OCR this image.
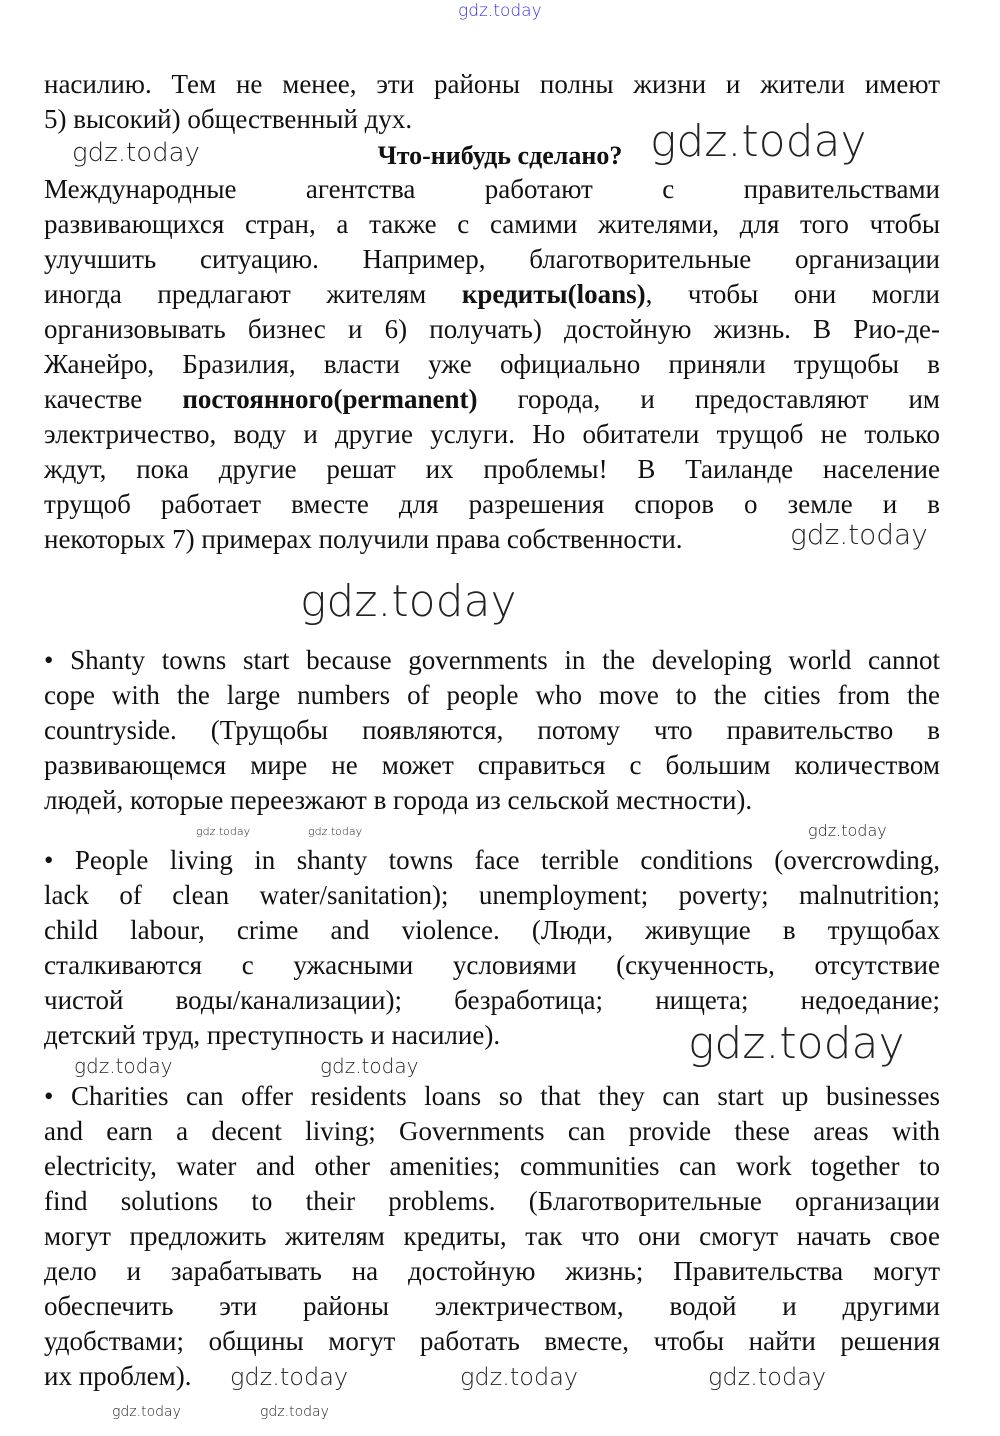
насилию. Тем не менее, эти районы полны жизни и жители имеют
5) высокий) общественный дух.
Что-нибудь сделано?
Международные агентства работают с правительствами
развивающихся стран, а также с самими жителями, для того чтобы
улучшить ситуацию. Например, благотворительные организации
иногда предлагают жителям кредиты(loans), чтобы они могли
организовывать бизнес и 6) получать) достойную жизнь. В Рио-де-
Жанейро, Бразилия, власти уже официально приняли трущобы в
качестве постоянного(permanent) города, и предоставляют им
электричество, воду и другие услуги. Но обитатели трущоб не только
ждут, пока другие решат их проблемы! В Таиланде население
трущоб работает вместе для разрешения споров о земле и в
некоторых 7) примерах получили права собственности.
• Shanty towns start because governments in the developing world cannot
cope with the large numbers of people who move to the cities from the
countryside. (Трущобы появляются, потому что правительство в
развивающемся мире не может справиться с большим количеством
людей, которые переезжают в города из сельской местности).
• People living in shanty towns face terrible conditions (overcrowding,
lack of clean water/sanitation); unemployment; poverty; malnutrition;
child labour, crime and violence. (Люди, живущие в трущобах
сталкиваются с ужасными условиями (скученность, отсутствие
чистой воды/канализации); безработица; нищета; недоедание;
детский труд, преступность и насилие).
• Charities can offer residents loans so that they can start up businesses
and earn a decent living; Governments can provide these areas with
electricity, water and other amenities; communities can work together to
find solutions to their problems. (Благотворительные организации
могут предложить жителям кредиты, так что они смогут начать свое
дело и зарабатывать на достойную жизнь; Правительства могут
обеспечить эти районы электричеством, водой и другими
удобствами; общины могут работать вместе, чтобы найти решения
их проблем).
gdz.today
gdz.today	gdz.today
gdz.today
gdz.today
gdz.today
gdz.today	gdz.today
gdz.today
gdz.today	gdz.today
gdz.today	gdz.today
gdz.today	gdz.today	gdz.today
